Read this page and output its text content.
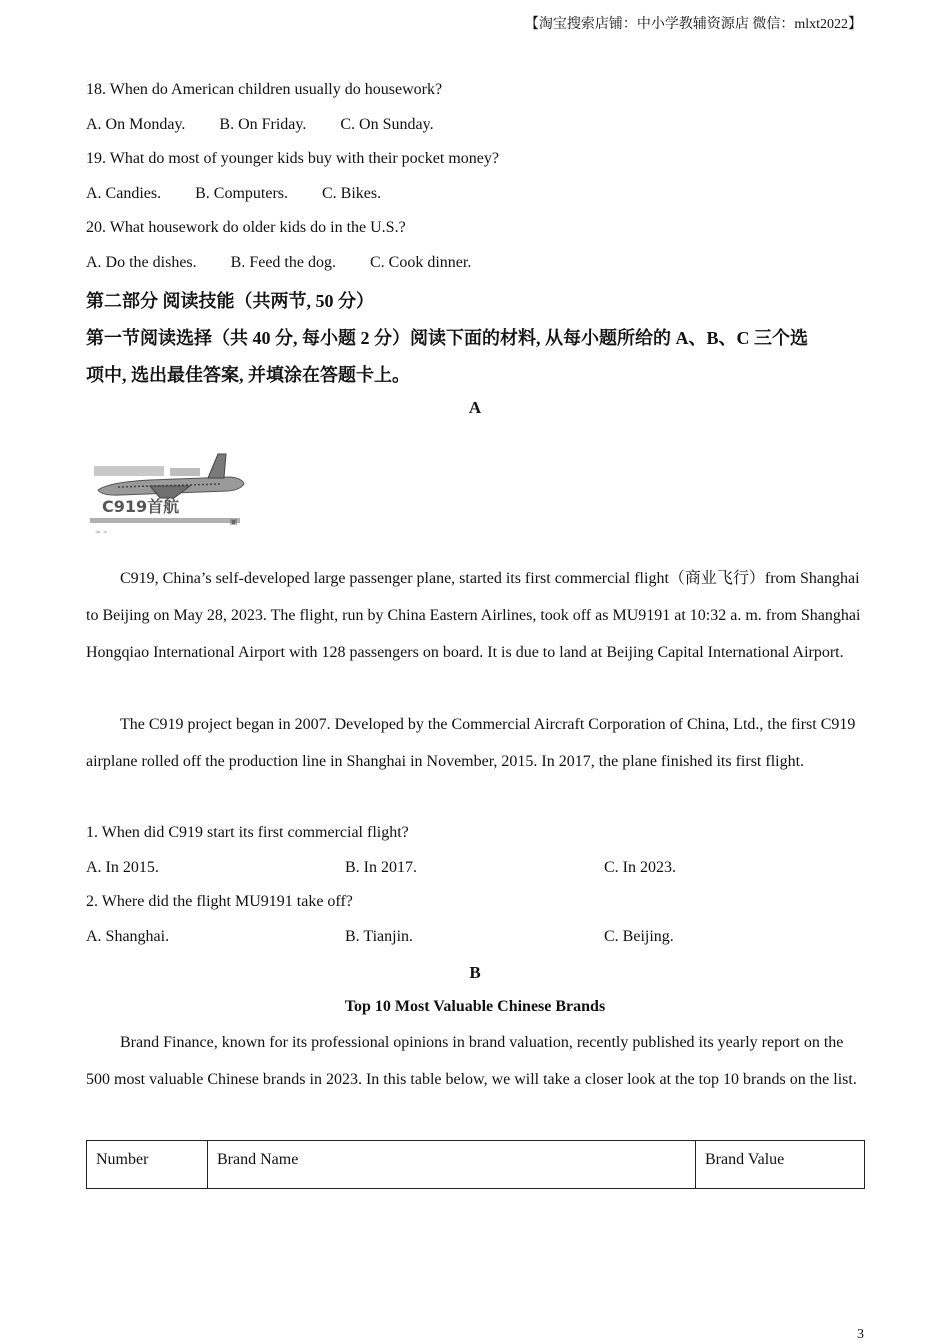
【淘宝搜索店铺：中小学教辅资源店 微信：mlxt2022】
18. When do American children usually do housework?
A. On Monday. B. On Friday. C. On Sunday.
19. What do most of younger kids buy with their pocket money?
A. Candies. B. Computers. C. Bikes.
20. What housework do older kids do in the U.S.?
A. Do the dishes. B. Feed the dog. C. Cook dinner.
第二部分 阅读技能（共两节, 50 分）
第一节阅读选择（共 40 分, 每小题 2 分）阅读下面的材料, 从每小题所给的 A、B、C 三个选
项中, 选出最佳答案, 并填涂在答题卡上。
A
C919首航
▣
≈ ⌁

C919, China’s self-developed large passenger plane, started its first commercial flight（商业飞行）from Shanghai to Beijing on May 28, 2023. The flight, run by China Eastern Airlines, took off as MU9191 at 10:32 a. m. from Shanghai Hongqiao International Airport with 128 passengers on board. It is due to land at Beijing Capital International Airport.

The C919 project began in 2007. Developed by the Commercial Aircraft Corporation of China, Ltd., the first C919 airplane rolled off the production line in Shanghai in November, 2015. In 2017, the plane finished its first flight.

1. When did C919 start its first commercial flight?
A. In 2015.	B. In 2017.	C. In 2023.
2. Where did the flight MU9191 take off?
A. Shanghai.	B. Tianjin.	C. Beijing.
B
Top 10 Most Valuable Chinese Brands

Brand Finance, known for its professional opinions in brand valuation, recently published its yearly report on the 500 most valuable Chinese brands in 2023. In this table below, we will take a closer look at the top 10 brands on the list.

Number	Brand Name	Brand Value
3
